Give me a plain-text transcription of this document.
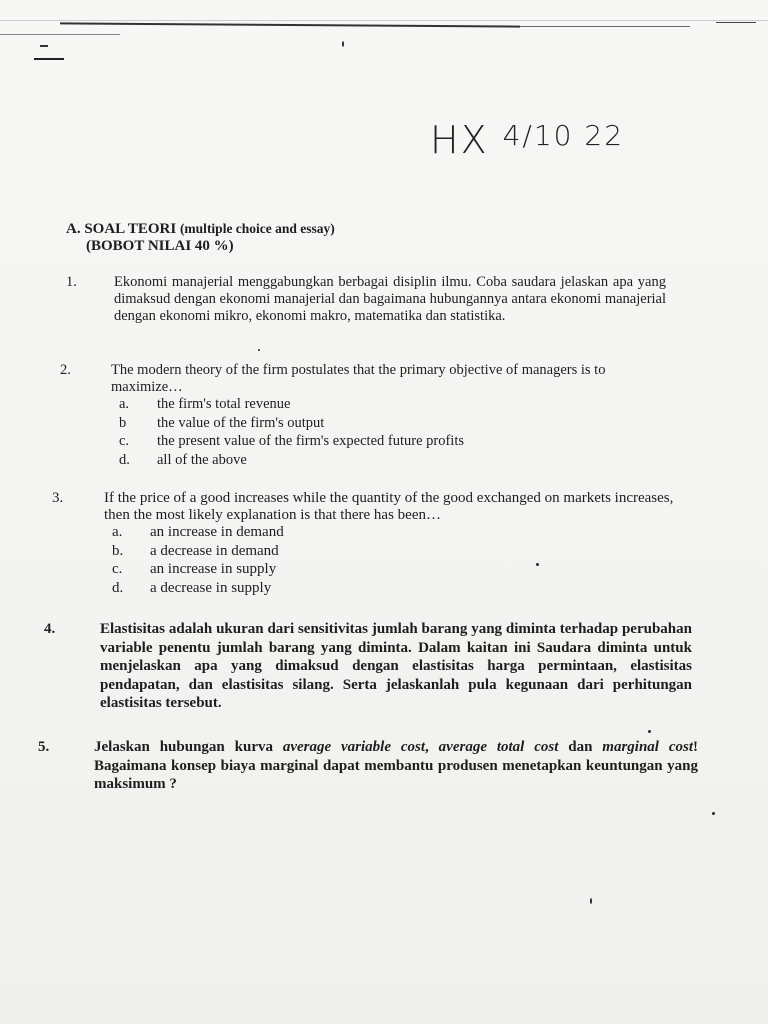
HX $^{4/10 22}$
A. SOAL TEORI (multiple choice and essay)
(BOBOT NILAI 40 %)
1.	Ekonomi manajerial menggabungkan berbagai disiplin ilmu. Coba saudara jelaskan apa yang dimaksud dengan ekonomi manajerial dan bagaimana hubungannya antara ekonomi manajerial dengan ekonomi mikro, ekonomi makro, matematika dan statistika.
2.	The modern theory of the firm postulates that the primary objective of managers is to maximize…
a. the firm's total revenue
b the value of the firm's output
c. the present value of the firm's expected future profits
d. all of the above
3.	If the price of a good increases while the quantity of the good exchanged on markets increases, then the most likely explanation is that there has been…
a. an increase in demand
b. a decrease in demand
c. an increase in supply
d. a decrease in supply
4.	Elastisitas adalah ukuran dari sensitivitas jumlah barang yang diminta terhadap perubahan variable penentu jumlah barang yang diminta. Dalam kaitan ini Saudara diminta untuk menjelaskan apa yang dimaksud dengan elastisitas harga permintaan, elastisitas pendapatan, dan elastisitas silang. Serta jelaskanlah pula kegunaan dari perhitungan elastisitas tersebut.
5.	Jelaskan hubungan kurva average variable cost, average total cost dan marginal cost! Bagaimana konsep biaya marginal dapat membantu produsen menetapkan keuntungan yang maksimum ?
